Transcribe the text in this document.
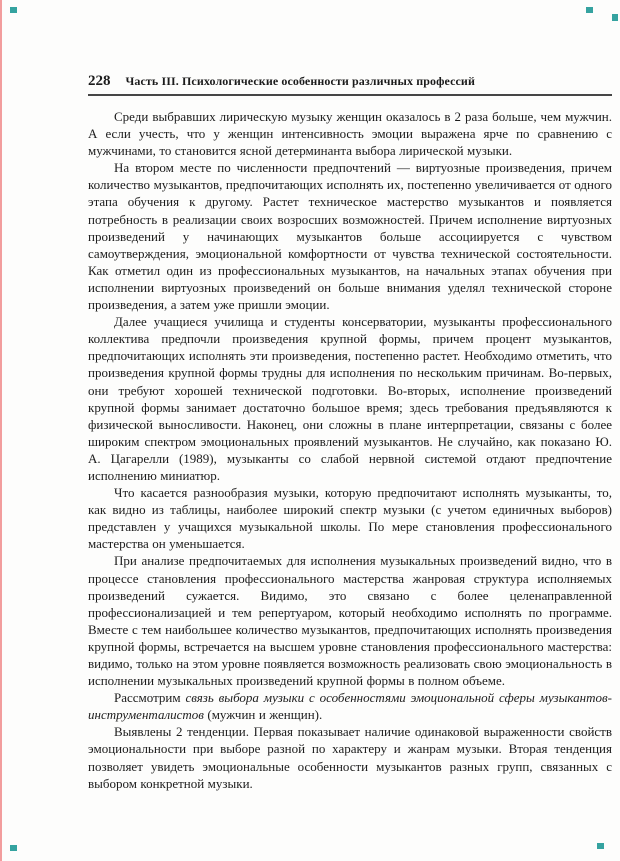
228 Часть III. Психологические особенности различных профессий

Среди выбравших лирическую музыку женщин оказалось в 2 раза больше, чем мужчин. А если учесть, что у женщин интенсивность эмоции выражена ярче по сравнению с мужчинами, то становится ясной детерминанта выбора лирической музыки.

На втором месте по численности предпочтений — виртуозные произведения, причем количество музыкантов, предпочитающих исполнять их, постепенно увеличивается от одного этапа обучения к другому. Растет техническое мастерство музыкантов и появляется потребность в реализации своих возросших возможностей. Причем исполнение виртуозных произведений у начинающих музыкантов больше ассоциируется с чувством самоутверждения, эмоциональной комфортности от чувства технической состоятельности. Как отметил один из профессиональных музыкантов, на начальных этапах обучения при исполнении виртуозных произведений он больше внимания уделял технической стороне произведения, а затем уже пришли эмоции.

Далее учащиеся училища и студенты консерватории, музыканты профессионального коллектива предпочли произведения крупной формы, причем процент музыкантов, предпочитающих исполнять эти произведения, постепенно растет. Необходимо отметить, что произведения крупной формы трудны для исполнения по нескольким причинам. Во-первых, они требуют хорошей технической подготовки. Во-вторых, исполнение произведений крупной формы занимает достаточно большое время; здесь требования предъявляются к физической выносливости. Наконец, они сложны в плане интерпретации, связаны с более широким спектром эмоциональных проявлений музыкантов. Не случайно, как показано Ю. А. Цагарелли (1989), музыканты со слабой нервной системой отдают предпочтение исполнению миниатюр.

Что касается разнообразия музыки, которую предпочитают исполнять музыканты, то, как видно из таблицы, наиболее широкий спектр музыки (с учетом единичных выборов) представлен у учащихся музыкальной школы. По мере становления профессионального мастерства он уменьшается.

При анализе предпочитаемых для исполнения музыкальных произведений видно, что в процессе становления профессионального мастерства жанровая структура исполняемых произведений сужается. Видимо, это связано с более целенаправленной профессионализацией и тем репертуаром, который необходимо исполнять по программе. Вместе с тем наибольшее количество музыкантов, предпочитающих исполнять произведения крупной формы, встречается на высшем уровне становления профессионального мастерства: видимо, только на этом уровне появляется возможность реализовать свою эмоциональность в исполнении музыкальных произведений крупной формы в полном объеме.

Рассмотрим связь выбора музыки с особенностями эмоциональной сферы музыкантов-инструменталистов (мужчин и женщин).

Выявлены 2 тенденции. Первая показывает наличие одинаковой выраженности свойств эмоциональности при выборе разной по характеру и жанрам музыки. Вторая тенденция позволяет увидеть эмоциональные особенности музыкантов разных групп, связанных с выбором конкретной музыки.
